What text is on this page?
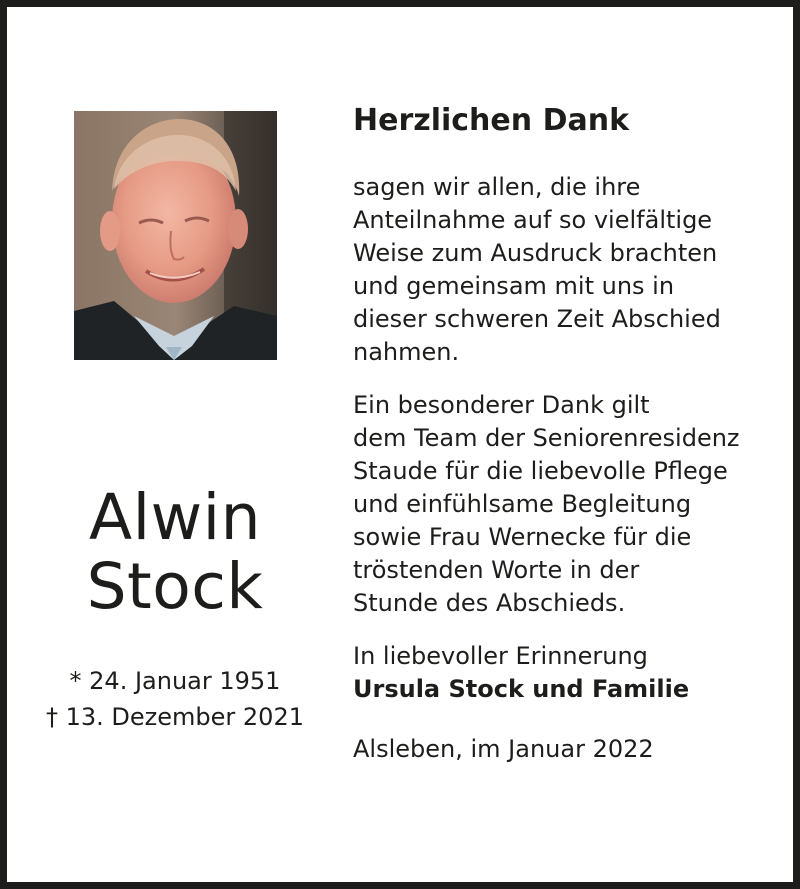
Alwin
Stock
* 24. Januar 1951
† 13. Dezember 2021
Herzlichen Dank
sagen wir allen, die ihre
Anteilnahme auf so vielfältige
Weise zum Ausdruck brachten
und gemeinsam mit uns in
dieser schweren Zeit Abschied
nahmen.
Ein besonderer Dank gilt
dem Team der Seniorenresidenz
Staude für die liebevolle Pflege
und einfühlsame Begleitung
sowie Frau Wernecke für die
tröstenden Worte in der
Stunde des Abschieds.
In liebevoller Erinnerung
Ursula Stock und Familie
Alsleben, im Januar 2022
